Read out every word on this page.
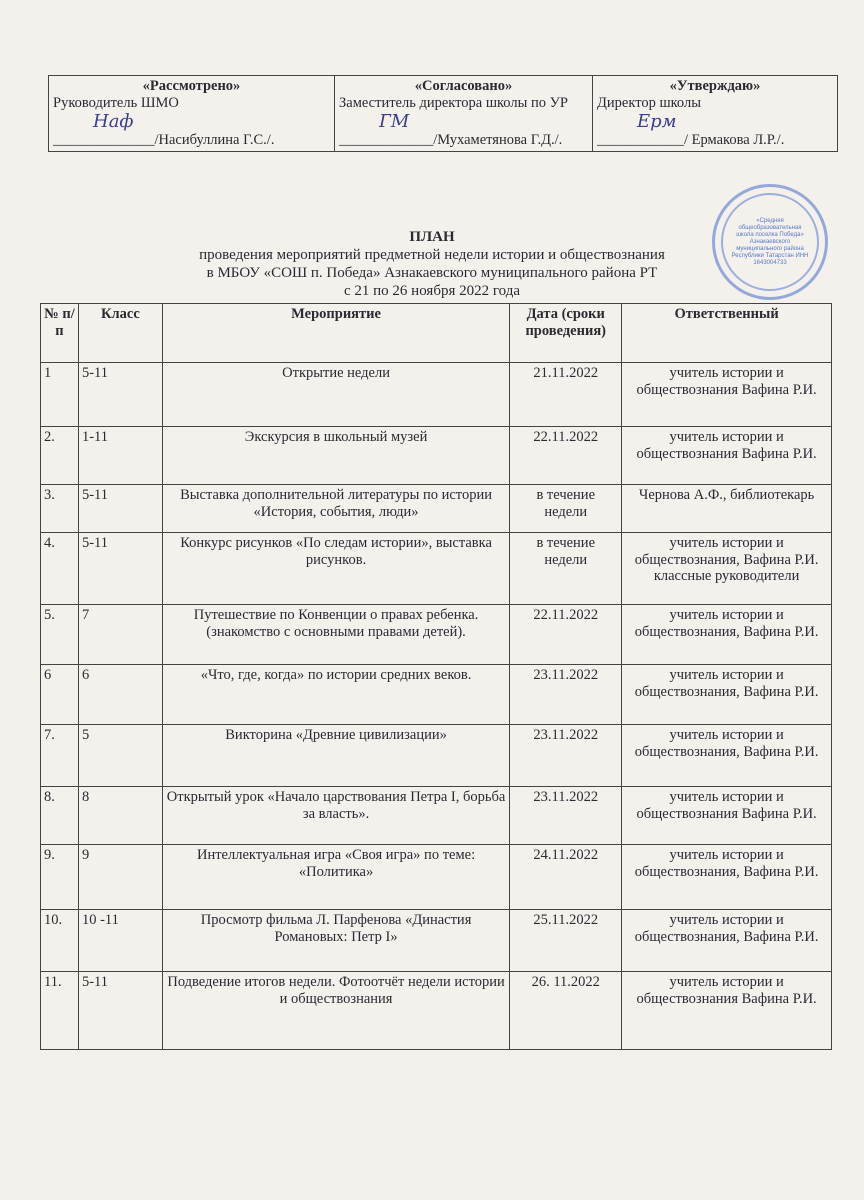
«Рассмотрено»
Руководитель ШМО
Наф
______________/Насибуллина Г.С./.

«Согласовано»
Заместитель директора школы по УР
ГМ
_____________/Мухаметянова Г.Д./.

«Утверждаю»
Директор школы
Ерм
____________/ Ермакова Л.Р./.
«Средняя общеобразовательная школа поселка Победа» Азнакаевского муниципального района Республики Татарстан ИНН 1643004733
ПЛАН
проведения мероприятий предметной недели истории и обществознания
в МБОУ «СОШ п. Победа» Азнакаевского муниципального района РТ
с 21 по 26 ноября 2022 года
№ п/п	Класс	Мероприятие	Дата (сроки проведения)	Ответственный
1	5-11	Открытие недели	21.11.2022	учитель истории и обществознания Вафина Р.И.
2.	1-11	Экскурсия в школьный музей	22.11.2022	учитель истории и обществознания Вафина Р.И.
3.	5-11	Выставка дополнительной литературы по истории «История, события, люди»	в течение недели	Чернова А.Ф., библиотекарь
4.	5-11	Конкурс рисунков «По следам истории», выставка рисунков.	в течение недели	учитель истории и обществознания, Вафина Р.И. классные руководители
5.	7	Путешествие по Конвенции о правах ребенка. (знакомство с основными правами детей).	22.11.2022	учитель истории и обществознания, Вафина Р.И.
6	6	«Что, где, когда» по истории средних веков.	23.11.2022	учитель истории и обществознания, Вафина Р.И.
7.	5	Викторина «Древние цивилизации»	23.11.2022	учитель истории и обществознания, Вафина Р.И.
8.	8	Открытый урок «Начало царствования Петра I, борьба за власть».	23.11.2022	учитель истории и обществознания Вафина Р.И.
9.	9	Интеллектуальная игра «Своя игра» по теме: «Политика»	24.11.2022	учитель истории и обществознания, Вафина Р.И.
10.	10 -11	Просмотр фильма Л. Парфенова «Династия Романовых: Петр I»	25.11.2022	учитель истории и обществознания, Вафина Р.И.
11.	5-11	Подведение итогов недели. Фотоотчёт недели истории и обществознания	26. 11.2022	учитель истории и обществознания Вафина Р.И.
